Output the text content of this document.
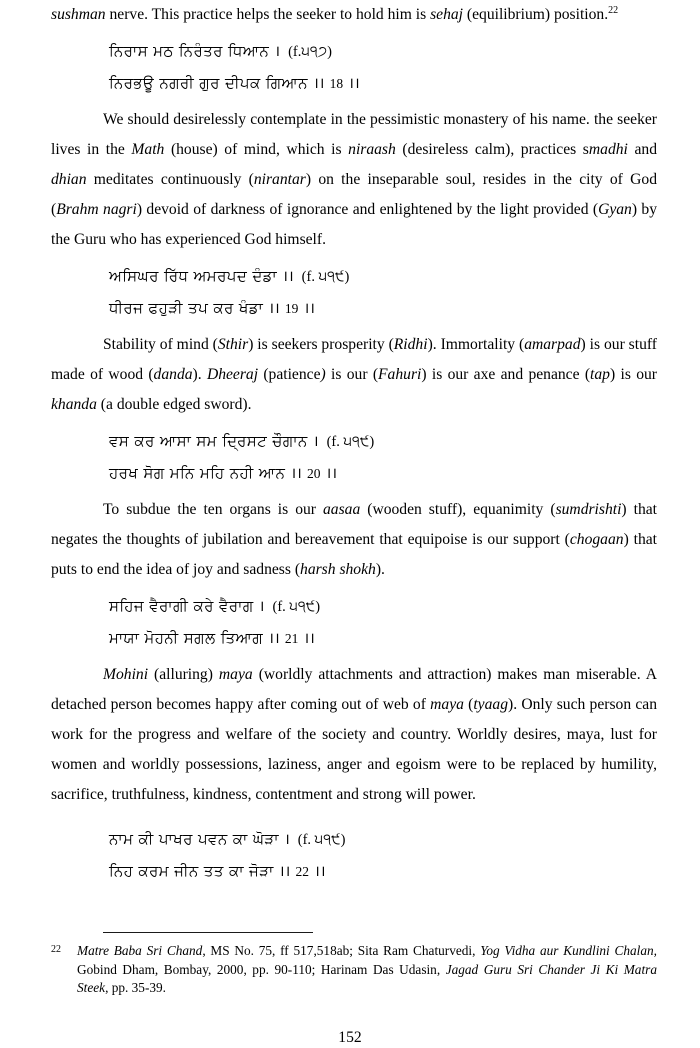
sushman nerve. This practice helps the seeker to hold him is sehaj (equilibrium) position.$^{22}$

ਨਿਰਾਸ ਮਠ ਨਿਰੰਤਰ ਧਿਆਨ । (f.੫੧੭)
ਨਿਰਭਊ ਨਗਰੀ ਗੁਰ ਦੀਪਕ ਗਿਆਨ ।। 18 ।।

We should desirelessly contemplate in the pessimistic monastery of his name. the seeker lives in the Math (house) of mind, which is niraash (desireless calm), practices smadhi and dhian meditates continuously (nirantar) on the inseparable soul, resides in the city of God (Brahm nagri) devoid of darkness of ignorance and enlightened by the light provided (Gyan) by the Guru who has experienced God himself.

ਅਸਿਘਰ ਰਿੱਧ ਅਮਰਪਦ ਦੰਡਾ ।। (f. ੫੧੯)
ਧੀਰਜ ਫਹੁੜੀ ਤਪ ਕਰ ਖੰਡਾ ।। 19 ।।

Stability of mind (Sthir) is seekers prosperity (Ridhi). Immortality (amarpad) is our stuff made of wood (danda). Dheeraj (patience) is our (Fahuri) is our axe and penance (tap) is our khanda (a double edged sword).

ਵਸ ਕਰ ਆਸਾ ਸਮ ਦ੍ਰਿਸਟ ਚੌਗਾਨ । (f. ੫੧੯)
ਹਰਖ ਸੋਗ ਮਨਿ ਮਹਿ ਨਹੀ ਆਨ ।। 20 ।।

To subdue the ten organs is our aasaa (wooden stuff), equanimity (sumdrishti) that negates the thoughts of jubilation and bereavement that equipoise is our support (chogaan) that puts to end the idea of joy and sadness (harsh shokh).

ਸਹਿਜ ਵੈਰਾਗੀ ਕਰੇ ਵੈਰਾਗ । (f. ੫੧੯)
ਮਾਯਾ ਮੋਹਨੀ ਸਗਲ ਤਿਆਗ ।। 21 ।।

Mohini (alluring) maya (worldly attachments and attraction) makes man miserable. A detached person becomes happy after coming out of web of maya (tyaag). Only such person can work for the progress and welfare of the society and country. Worldly desires, maya, lust for women and worldly possessions, laziness, anger and egoism were to be replaced by humility, sacrifice, truthfulness, kindness, contentment and strong will power.

ਨਾਮ ਕੀ ਪਾਖਰ ਪਵਨ ਕਾ ਘੋੜਾ । (f. ੫੧੯)
ਨਿਹ ਕਰਮ ਜੀਨ ਤਤ ਕਾ ਜੋੜਾ ।। 22 ।।
22	Matre Baba Sri Chand, MS No. 75, ff 517,518ab; Sita Ram Chaturvedi, Yog Vidha aur Kundlini Chalan, Gobind Dham, Bombay, 2000, pp. 90-110; Harinam Das Udasin, Jagad Guru Sri Chander Ji Ki Matra Steek, pp. 35-39.
152
